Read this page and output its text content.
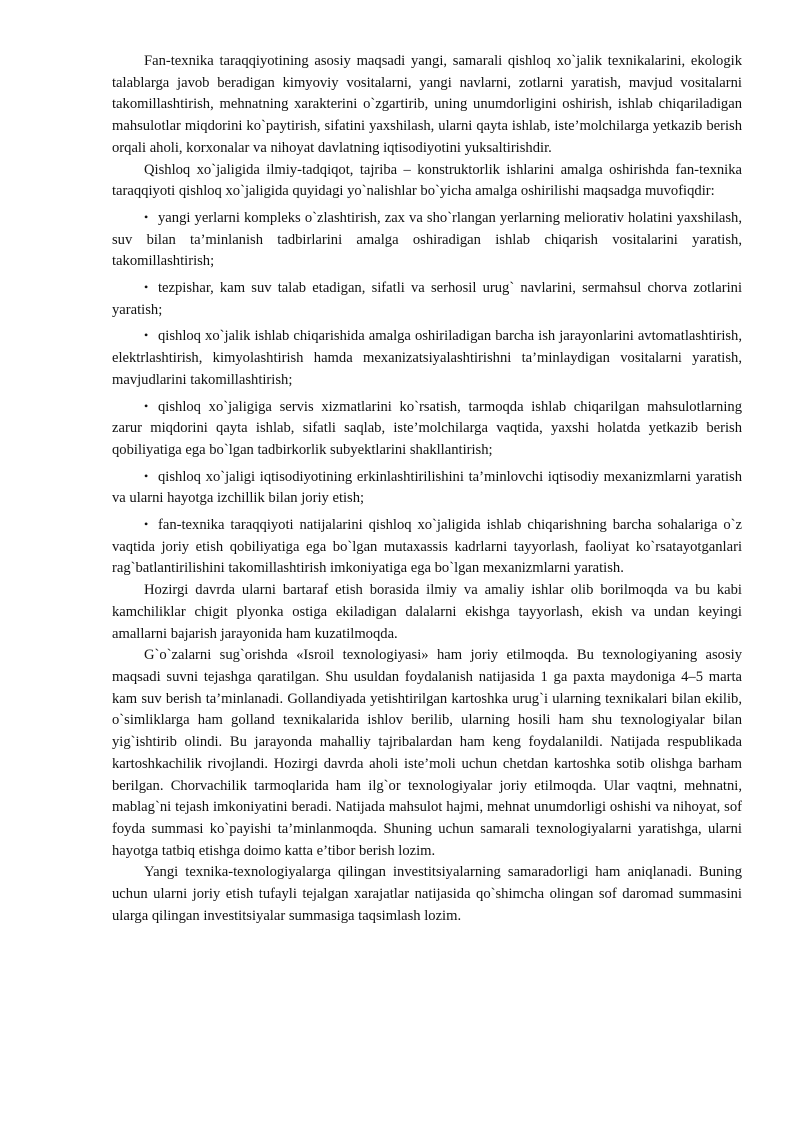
Fan-texnika taraqqiyotining asosiy maqsadi yangi, samarali qishloq xo`jalik texnikalarini, ekologik talablarga javob beradigan kimyoviy vositalarni, yangi navlarni, zotlarni yaratish, mavjud vositalarni takomillashtirish, mehnatning xarakterini o`zgartirib, uning unumdorligini oshirish, ishlab chiqariladigan mahsulotlar miqdorini ko`paytirish, sifatini yaxshilash, ularni qayta ishlab, iste’molchilarga yetkazib berish orqali aholi, korxonalar va nihoyat davlatning iqtisodiyotini yuksaltirishdir.

Qishloq xo`jaligida ilmiy-tadqiqot, tajriba – konstruktorlik ishlarini amalga oshirishda fan-texnika taraqqiyoti qishloq xo`jaligida quyidagi yo`nalishlar bo`yicha amalga oshirilishi maqsadga muvofiqdir:

• yangi yerlarni kompleks o`zlashtirish, zax va sho`rlangan yerlarning meliorativ holatini yaxshilash, suv bilan ta’minlanish tadbirlarini amalga oshiradigan ishlab chiqarish vositalarini yaratish, takomillashtirish;
• tezpishar, kam suv talab etadigan, sifatli va serhosil urug` navlarini, sermahsul chorva zotlarini yaratish;
• qishloq xo`jalik ishlab chiqarishida amalga oshiriladigan barcha ish jarayonlarini avtomatlashtirish, elektrlashtirish, kimyolashtirish hamda mexanizatsiyalashtirishni ta’minlaydigan vositalarni yaratish, mavjudlarini takomillashtirish;
• qishloq xo`jaligiga servis xizmatlarini ko`rsatish, tarmoqda ishlab chiqarilgan mahsulotlarning zarur miqdorini qayta ishlab, sifatli saqlab, iste’molchilarga vaqtida, yaxshi holatda yetkazib berish qobiliyatiga ega bo`lgan tadbirkorlik subyektlarini shakllantirish;
• qishloq xo`jaligi iqtisodiyotining erkinlashtirilishini ta’minlovchi iqtisodiy mexanizmlarni yaratish va ularni hayotga izchillik bilan joriy etish;
• fan-texnika taraqqiyoti natijalarini qishloq xo`jaligida ishlab chiqarishning barcha sohalariga o`z vaqtida joriy etish qobiliyatiga ega bo`lgan mutaxassis kadrlarni tayyorlash, faoliyat ko`rsatayotganlari rag`batlantirilishini takomillashtirish imkoniyatiga ega bo`lgan mexanizmlarni yaratish.

Hozirgi davrda ularni bartaraf etish borasida ilmiy va amaliy ishlar olib borilmoqda va bu kabi kamchiliklar chigit plyonka ostiga ekiladigan dalalarni ekishga tayyorlash, ekish va undan keyingi amallarni bajarish jarayonida ham kuzatilmoqda.

G`o`zalarni sug`orishda «Isroil texnologiyasi» ham joriy etilmoqda. Bu texnologiyaning asosiy maqsadi suvni tejashga qaratilgan. Shu usuldan foydalanish natijasida 1 ga paxta maydoniga 4–5 marta kam suv berish ta’minlanadi. Gollandiyada yetishtirilgan kartoshka urug`i ularning texnikalari bilan ekilib, o`simliklarga ham golland texnikalarida ishlov berilib, ularning hosili ham shu texnologiyalar bilan yig`ishtirib olindi. Bu jarayonda mahalliy tajribalardan ham keng foydalanildi. Natijada respublikada kartoshkachilik rivojlandi. Hozirgi davrda aholi iste’moli uchun chetdan kartoshka sotib olishga barham berilgan. Chorvachilik tarmoqlarida ham ilg`or texnologiyalar joriy etilmoqda. Ular vaqtni, mehnatni, mablag`ni tejash imkoniyatini beradi. Natijada mahsulot hajmi, mehnat unumdorligi oshishi va nihoyat, sof foyda summasi ko`payishi ta’minlanmoqda. Shuning uchun samarali texnologiyalarni yaratishga, ularni hayotga tatbiq etishga doimo katta e’tibor berish lozim.

Yangi texnika-texnologiyalarga qilingan investitsiyalarning samaradorligi ham aniqlanadi. Buning uchun ularni joriy etish tufayli tejalgan xarajatlar natijasida qo`shimcha olingan sof daromad summasini ularga qilingan investitsiyalar summasiga taqsimlash lozim.
